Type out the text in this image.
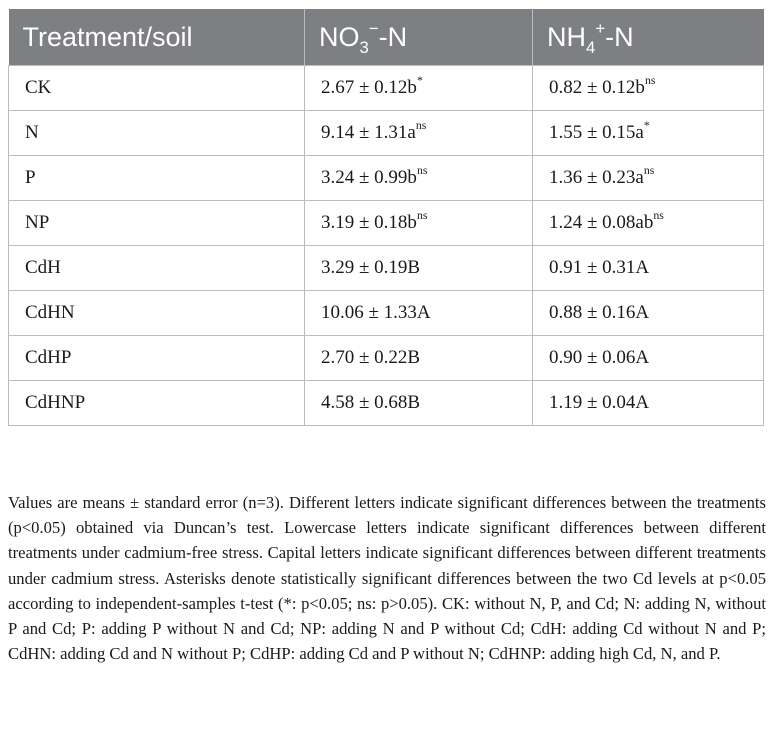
Treatment/soil	$NO_3^--N$	$NH_4^+-N$
CK	2.67 ± 0.12b*	$0.82 \pm 0.12b^{ns}$
N	$9.14 \pm 1.31a^{ns}$	1.55 ± 0.15a*
P	$3.24 \pm 0.99b^{ns}$	$1.36 \pm 0.23a^{ns}$
NP	$3.19 \pm 0.18b^{ns}$	$1.24 \pm 0.08ab^{ns}$
CdH	3.29 ± 0.19B	0.91 ± 0.31A
CdHN	10.06 ± 1.33A	0.88 ± 0.16A
CdHP	2.70 ± 0.22B	0.90 ± 0.06A
CdHNP	4.58 ± 0.68B	1.19 ± 0.04A

Values are means ± standard error (n=3). Different letters indicate significant differences between the treatments (p<0.05) obtained via Duncan’s test. Lowercase letters indicate significant differences between different treatments under cadmium-free stress. Capital letters indicate significant differences between different treatments under cadmium stress. Asterisks denote statistically significant differences between the two Cd levels at p<0.05 according to independent-samples t-test (*: p<0.05; ns: p>0.05). CK: without N, P, and Cd; N: adding N, without P and Cd; P: adding P without N and Cd; NP: adding N and P without Cd; CdH: adding Cd without N and P; CdHN: adding Cd and N without P; CdHP: adding Cd and P without N; CdHNP: adding high Cd, N, and P.
